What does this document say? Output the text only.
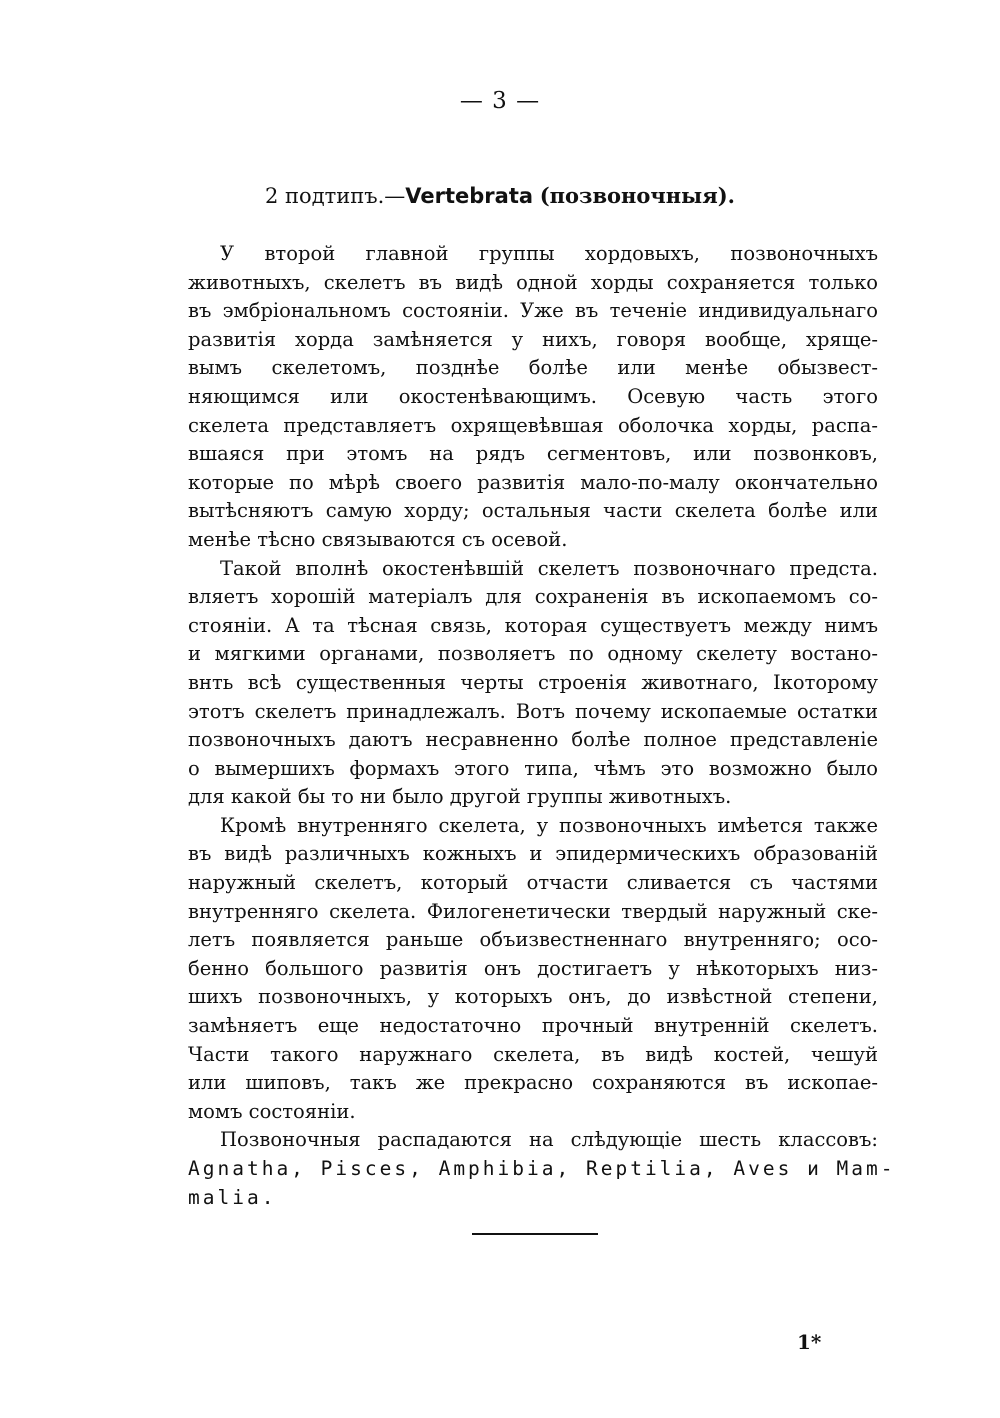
— 3 —
2 подтипъ.—Vertebrata (позвоночныя).
У второй главной группы хордовыхъ, позвоночныхъ
животныхъ, скелетъ въ видѣ одной хорды сохраняется только
въ эмбріональномъ состояніи. Уже въ теченіе индивидуальнаго
развитія хорда замѣняется у нихъ, говоря вообще, хрящe-
вымъ скелетомъ, позднѣе болѣе или менѣе обызвест-
няющимся или окостенѣвающимъ. Осевую часть этого
скелета представляетъ охрящевѣвшая оболочка хорды, распа-
вшаяся при этомъ на рядъ сегментовъ, или позвонковъ,
которые по мѣрѣ своего развитія мало-по-малу окончательно
вытѣсняютъ самую хорду; остальныя части скелета болѣе или
менѣе тѣсно связываются съ осевой.
Такой вполнѣ окостенѣвшій скелетъ позвоночнаго предста.
вляетъ хорошій матеріалъ для сохраненія въ ископаемомъ со-
стояніи. А та тѣсная связь, которая существуетъ между нимъ
и мягкими органами, позволяетъ по одному скелету востано-
внть всѣ существенныя черты строенія животнаго, Iкоторому
этотъ скелетъ принадлежалъ. Вотъ почему ископаемые остатки
позвоночныхъ даютъ несравненно болѣе полное представленіе
о вымершихъ формахъ этого типа, чѣмъ это возможно было
для какой бы то ни было другой группы животныхъ.
Кромѣ внутренняго скелета, у позвоночныхъ имѣется также
въ видѣ различныхъ кожныхъ и эпидермическихъ образованій
наружный скелетъ, который отчасти сливается съ частями
внутренняго скелета. Филогенетически твердый наружный ске-
летъ появляется раньше объизвестненнаго внутренняго; осо-
бенно большого развитія онъ достигаетъ у нѣкоторыхъ низ-
шихъ позвоночныхъ, у которыхъ онъ, до извѣстной степени,
замѣняетъ еще недостаточно прочный внутренній скелетъ.
Части такого наружнаго скелета, въ видѣ костей, чешуй
или шиповъ, такъ же прекрасно сохраняются въ ископае-
момъ состояніи.
Позвоночныя распадаются на слѣдующіе шесть классовъ:
Agnatha, Pisces, Amphibia, Reptilia, Aves и Mam-
malia.
1*
